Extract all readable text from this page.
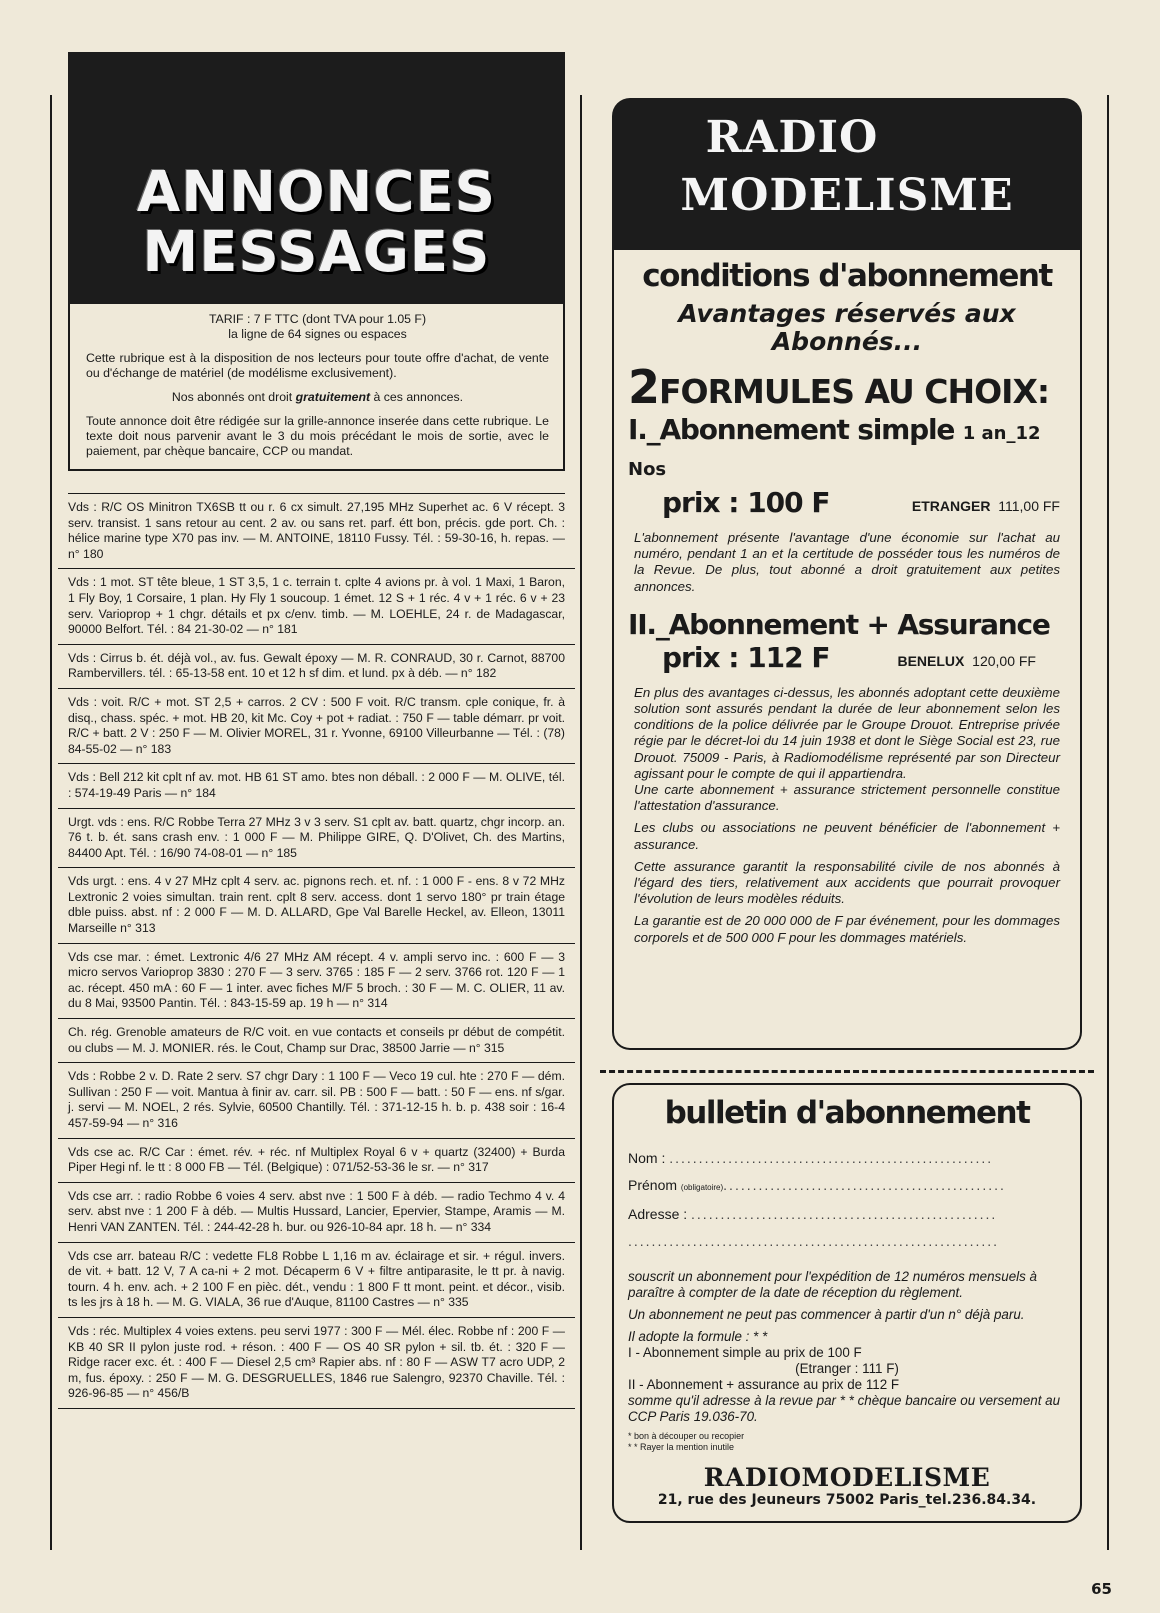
ANNONCES
MESSAGES

TARIF : 7 F TTC (dont TVA pour 1.05 F)

la ligne de 64 signes ou espaces

Cette rubrique est à la disposition de nos lecteurs pour toute offre d'achat, de vente ou d'échange de matériel (de modélisme exclusivement).

Nos abonnés ont droit gratuitement à ces annonces.

Toute annonce doit être rédigée sur la grille-annonce inserée dans cette rubrique. Le texte doit nous parvenir avant le 3 du mois précédant le mois de sortie, avec le paiement, par chèque bancaire, CCP ou mandat.

Vds : R/C OS Minitron TX6SB tt ou r. 6 cx simult. 27,195 MHz Superhet ac. 6 V récept. 3 serv. transist. 1 sans retour au cent. 2 av. ou sans ret. parf. étt bon, précis. gde port. Ch. : hélice marine type X70 pas inv. — M. ANTOINE, 18110 Fussy. Tél. : 59-30-16, h. repas. — n° 180
Vds : 1 mot. ST tête bleue, 1 ST 3,5, 1 c. terrain t. cplte 4 avions pr. à vol. 1 Maxi, 1 Baron, 1 Fly Boy, 1 Corsaire, 1 plan. Hy Fly 1 soucoup. 1 émet. 12 S + 1 réc. 4 v + 1 réc. 6 v + 23 serv. Varioprop + 1 chgr. détails et px c/env. timb. — M. LOEHLE, 24 r. de Madagascar, 90000 Belfort. Tél. : 84 21-30-02 — n° 181
Vds : Cirrus b. ét. déjà vol., av. fus. Gewalt époxy — M. R. CONRAUD, 30 r. Carnot, 88700 Rambervillers. tél. : 65-13-58 ent. 10 et 12 h sf dim. et lund. px à déb. — n° 182
Vds : voit. R/C + mot. ST 2,5 + carros. 2 CV : 500 F voit. R/C transm. cple conique, fr. à disq., chass. spéc. + mot. HB 20, kit Mc. Coy + pot + radiat. : 750 F — table démarr. pr voit. R/C + batt. 2 V : 250 F — M. Olivier MOREL, 31 r. Yvonne, 69100 Villeurbanne — Tél. : (78) 84-55-02 — n° 183
Vds : Bell 212 kit cplt nf av. mot. HB 61 ST amo. btes non déball. : 2 000 F — M. OLIVE, tél. : 574-19-49 Paris — n° 184
Urgt. vds : ens. R/C Robbe Terra 27 MHz 3 v 3 serv. S1 cplt av. batt. quartz, chgr incorp. an. 76 t. b. ét. sans crash env. : 1 000 F — M. Philippe GIRE, Q. D'Olivet, Ch. des Martins, 84400 Apt. Tél. : 16/90 74-08-01 — n° 185
Vds urgt. : ens. 4 v 27 MHz cplt 4 serv. ac. pignons rech. et. nf. : 1 000 F - ens. 8 v 72 MHz Lextronic 2 voies simultan. train rent. cplt 8 serv. access. dont 1 servo 180° pr train étage dble puiss. abst. nf : 2 000 F — M. D. ALLARD, Gpe Val Barelle Heckel, av. Elleon, 13011 Marseille n° 313
Vds cse mar. : émet. Lextronic 4/6 27 MHz AM récept. 4 v. ampli servo inc. : 600 F — 3 micro servos Varioprop 3830 : 270 F — 3 serv. 3765 : 185 F — 2 serv. 3766 rot. 120 F — 1 ac. récept. 450 mA : 60 F — 1 inter. avec fiches M/F 5 broch. : 30 F — M. C. OLIER, 11 av. du 8 Mai, 93500 Pantin. Tél. : 843-15-59 ap. 19 h — n° 314
Ch. rég. Grenoble amateurs de R/C voit. en vue contacts et conseils pr début de compétit. ou clubs — M. J. MONIER. rés. le Cout, Champ sur Drac, 38500 Jarrie — n° 315
Vds : Robbe 2 v. D. Rate 2 serv. S7 chgr Dary : 1 100 F — Veco 19 cul. hte : 270 F — dém. Sullivan : 250 F — voit. Mantua à finir av. carr. sil. PB : 500 F — batt. : 50 F — ens. nf s/gar. j. servi — M. NOEL, 2 rés. Sylvie, 60500 Chantilly. Tél. : 371-12-15 h. b. p. 438 soir : 16-4 457-59-94 — n° 316
Vds cse ac. R/C Car : émet. rév. + réc. nf Multiplex Royal 6 v + quartz (32400) + Burda Piper Hegi nf. le tt : 8 000 FB — Tél. (Belgique) : 071/52-53-36 le sr. — n° 317
Vds cse arr. : radio Robbe 6 voies 4 serv. abst nve : 1 500 F à déb. — radio Techmo 4 v. 4 serv. abst nve : 1 200 F à déb. — Multis Hussard, Lancier, Epervier, Stampe, Aramis — M. Henri VAN ZANTEN. Tél. : 244-42-28 h. bur. ou 926-10-84 apr. 18 h. — n° 334
Vds cse arr. bateau R/C : vedette FL8 Robbe L 1,16 m av. éclairage et sir. + régul. invers. de vit. + batt. 12 V, 7 A ca-ni + 2 mot. Décaperm 6 V + filtre antiparasite, le tt pr. à navig. tourn. 4 h. env. ach. + 2 100 F en pièc. dét., vendu : 1 800 F tt mont. peint. et décor., visib. ts les jrs à 18 h. — M. G. VIALA, 36 rue d'Auque, 81100 Castres — n° 335
Vds : réc. Multiplex 4 voies extens. peu servi 1977 : 300 F — Mél. élec. Robbe nf : 200 F — KB 40 SR II pylon juste rod. + réson. : 400 F — OS 40 SR pylon + sil. tb. ét. : 320 F — Ridge racer exc. ét. : 400 F — Diesel 2,5 cm³ Rapier abs. nf : 80 F — ASW T7 acro UDP, 2 m, fus. époxy. : 250 F — M. G. DESGRUELLES, 1846 rue Salengro, 92370 Chaville. Tél. : 926-96-85 — n° 456/B
RADIO
MODELISME

conditions d'abonnement

Avantages réservés aux
Abonnés...
2FORMULES AU CHOIX:
I._Abonnement simple 1 an_12 Nos
prix : 100 F	ETRANGER 111,00 FF

L'abonnement présente l'avantage d'une économie sur l'achat au numéro, pendant 1 an et la certitude de posséder tous les numéros de la Revue. De plus, tout abonné a droit gratuitement aux petites annonces.

II._Abonnement + Assurance
prix : 112 F	BENELUX 120,00 FF

En plus des avantages ci-dessus, les abonnés adoptant cette deuxième solution sont assurés pendant la durée de leur abonnement selon les conditions de la police délivrée par le Groupe Drouot. Entreprise privée régie par le décret-loi du 14 juin 1938 et dont le Siège Social est 23, rue Drouot. 75009 - Paris, à Radiomodélisme représenté par son Directeur agissant pour le compte de qui il appartiendra.

Une carte abonnement + assurance strictement personnelle constitue l'attestation d'assurance.

Les clubs ou associations ne peuvent bénéficier de l'abonnement + assurance.

Cette assurance garantit la responsabilité civile de nos abonnés à l'égard des tiers, relativement aux accidents que pourrait provoquer l'évolution de leurs modèles réduits.

La garantie est de 20 000 000 de F par événement, pour les dommages corporels et de 500 000 F pour les dommages matériels.

bulletin d'abonnement

Nom : .......................................................
Prénom (obligatoire)................................................
Adresse : ....................................................
...............................................................

souscrit un abonnement pour l'expédition de 12 numéros mensuels à paraître à compter de la date de réception du règlement.

Un abonnement ne peut pas commencer à partir d'un n° déjà paru.

Il adopte la formule : * *

I - Abonnement simple au prix de 100 F
(Etranger : 111 F)
II - Abonnement + assurance au prix de 112 F

somme qu'il adresse à la revue par * * chèque bancaire ou versement au CCP Paris 19.036-70.

* bon à découper ou recopier
* * Rayer la mention inutile
RADIOMODELISME
21, rue des Jeuneurs 75002 Paris_tel.236.84.34.
65
